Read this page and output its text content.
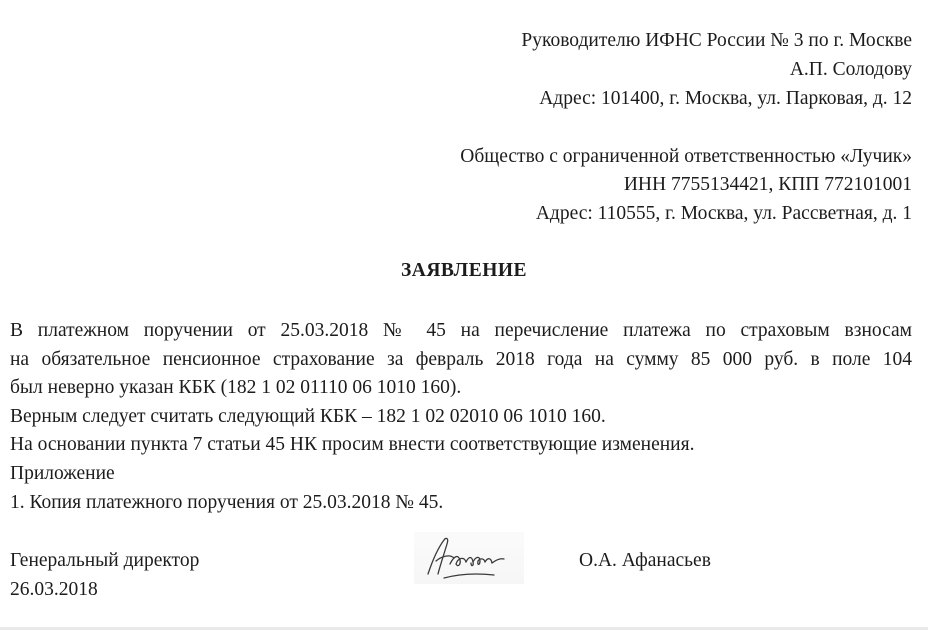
Руководителю ИФНС России № 3 по г. Москве
А.П. Солодову
Адрес: 101400, г. Москва, ул. Парковая, д. 12
Общество с ограниченной ответственностью «Лучик»
ИНН 7755134421, КПП 772101001
Адрес: 110555, г. Москва, ул. Рассветная, д. 1
ЗАЯВЛЕНИЕ
В платежном поручении от 25.03.2018 № 45 на перечисление платежа по страховым взносам
на обязательное пенсионное страхование за февраль 2018 года на сумму 85 000 руб. в поле 104
был неверно указан КБК (182 1 02 01110 06 1010 160).
Верным следует считать следующий КБК – 182 1 02 02010 06 1010 160.
На основании пункта 7 статьи 45 НК просим внести соответствующие изменения.
Приложение
1. Копия платежного поручения от 25.03.2018 № 45.
Генеральный директор	О.А. Афанасьев
26.03.2018
